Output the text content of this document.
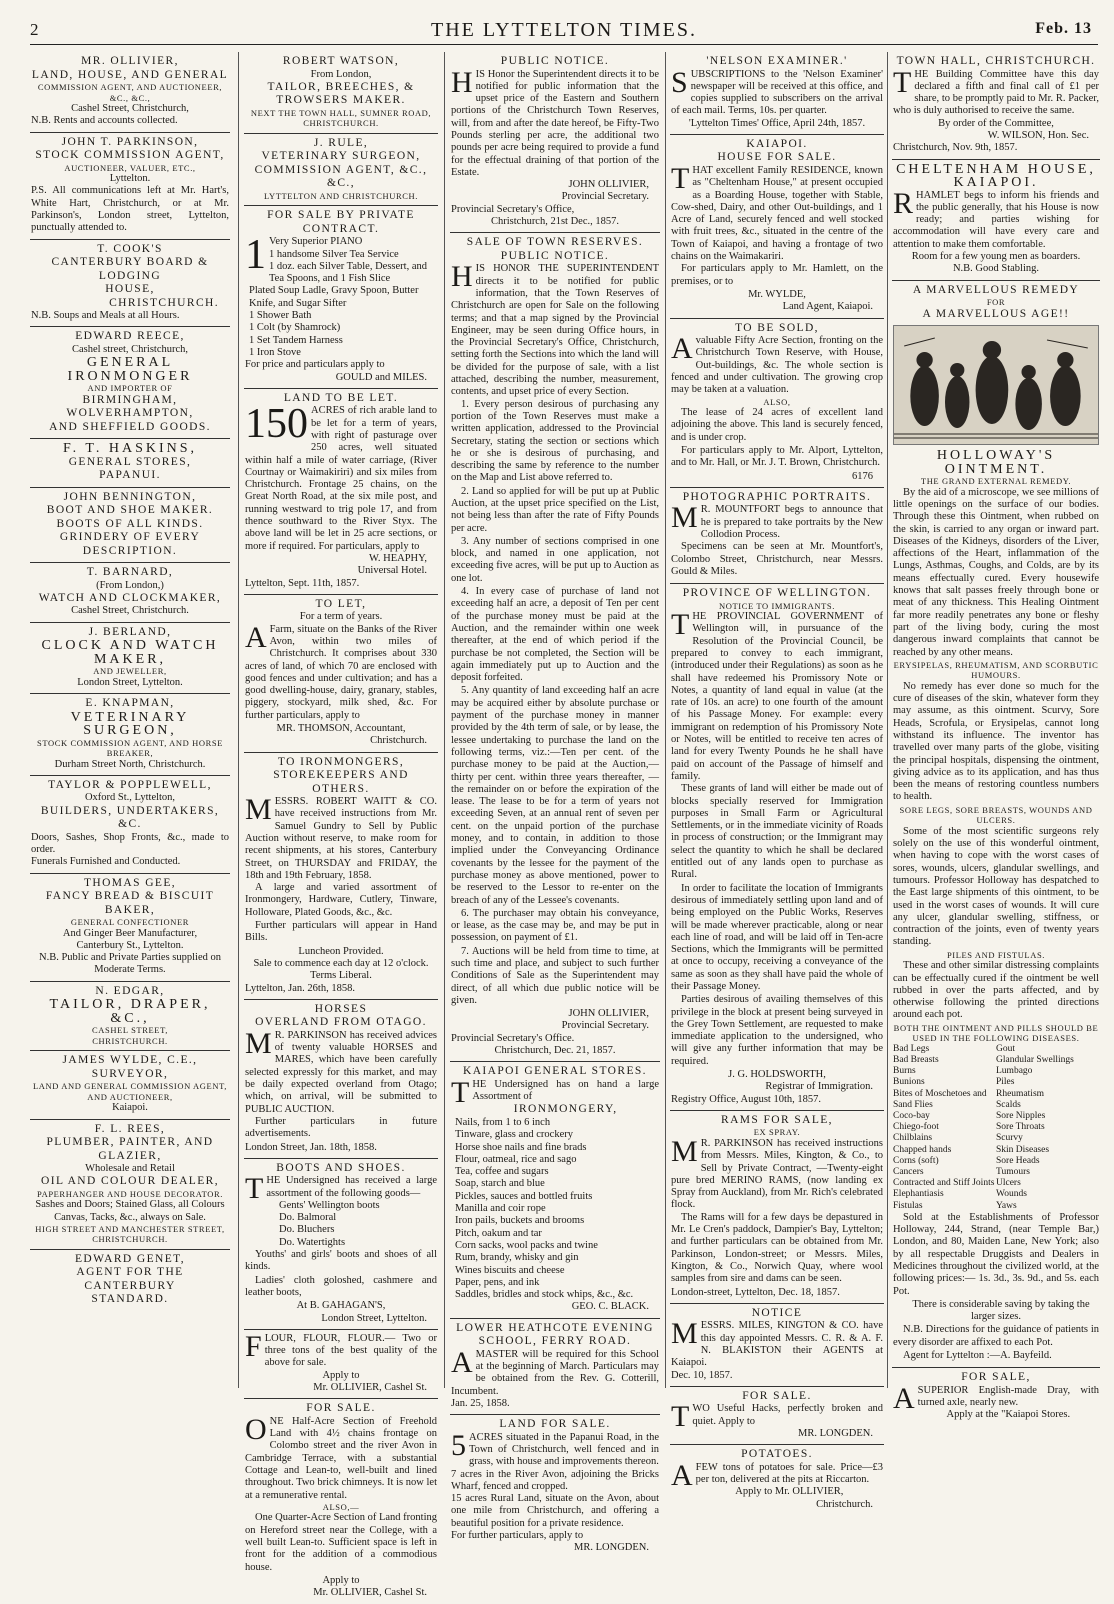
2	THE LYTTELTON TIMES.	Feb. 13
MR. OLLIVIER,
LAND, HOUSE, AND GENERAL
COMMISSION AGENT, AND AUCTIONEER, &C., &C.,
Cashel Street, Christchurch,
N.B. Rents and accounts collected.
JOHN T. PARKINSON,
STOCK COMMISSION AGENT,
AUCTIONEER, VALUER, ETC.,
Lyttelton.
P.S. All communications left at Mr. Hart's, White Hart, Christchurch, or at Mr. Parkinson's, London street, Lyttelton, punctually attended to.
T. COOK'S
CANTERBURY BOARD & LODGING
HOUSE,
CHRISTCHURCH.
N.B. Soups and Meals at all Hours.
EDWARD REECE,
Cashel street, Christchurch,
GENERAL IRONMONGER
AND IMPORTER OF
BIRMINGHAM, WOLVERHAMPTON,
AND SHEFFIELD GOODS.
F. T. HASKINS,
GENERAL STORES,
PAPANUI.
JOHN BENNINGTON,
BOOT AND SHOE MAKER.
BOOTS OF ALL KINDS.
GRINDERY OF EVERY DESCRIPTION.
T. BARNARD,
(From London,)
WATCH AND CLOCKMAKER,
Cashel Street, Christchurch.
J. BERLAND,
CLOCK AND WATCH MAKER,
AND JEWELLER,
London Street, Lyttelton.
E. KNAPMAN,
VETERINARY SURGEON,
STOCK COMMISSION AGENT, AND HORSE BREAKER,
Durham Street North, Christchurch.
TAYLOR & POPPLEWELL,
Oxford St., Lyttelton,
BUILDERS, UNDERTAKERS, &C.
Doors, Sashes, Shop Fronts, &c., made to order.
Funerals Furnished and Conducted.
THOMAS GEE,
FANCY BREAD & BISCUIT BAKER,
GENERAL CONFECTIONER
And Ginger Beer Manufacturer,
Canterbury St., Lyttelton.
N.B. Public and Private Parties supplied on Moderate Terms.
N. EDGAR,
TAILOR, DRAPER, &C.,
CASHEL STREET,
CHRISTCHURCH.
JAMES WYLDE, C.E.,
SURVEYOR,
LAND AND GENERAL COMMISSION AGENT, AND AUCTIONEER,
Kaiapoi.
F. L. REES,
PLUMBER, PAINTER, AND GLAZIER,
Wholesale and Retail
OIL AND COLOUR DEALER,
PAPERHANGER AND HOUSE DECORATOR.
Sashes and Doors; Stained Glass, all Colours Canvas, Tacks, &c., always on Sale.
HIGH STREET AND MANCHESTER STREET, CHRISTCHURCH.
EDWARD GENET,
AGENT FOR THE CANTERBURY
STANDARD.
ROBERT WATSON,
From London,
TAILOR, BREECHES, & TROWSERS MAKER.
NEXT THE TOWN HALL, SUMNER ROAD, CHRISTCHURCH.
J. RULE,
VETERINARY SURGEON, COMMISSION AGENT, &C., &C.,
LYTTELTON AND CHRISTCHURCH.
FOR SALE BY PRIVATE CONTRACT.
1 Very Superior PIANO
1 handsome Silver Tea Service
1 doz. each Silver Table, Dessert, and Tea Spoons, and 1 Fish Slice
Plated Soup Ladle, Gravy Spoon, Butter Knife, and Sugar Sifter
1 Shower Bath
1 Colt (by Shamrock)
1 Set Tandem Harness
1 Iron Stove
For price and particulars apply to
GOULD and MILES.
LAND TO BE LET.
150 ACRES of rich arable land to be let for a term of years, with right of pasturage over 250 acres, well situated within half a mile of water carriage, (River Courtnay or Waimakiriri) and six miles from Christchurch. Frontage 25 chains, on the Great North Road, at the six mile post, and running westward to trig pole 17, and from thence southward to the River Styx. The above land will be let in 25 acre sections, or more if required. For particulars, apply to
W. HEAPHY,
Universal Hotel.
Lyttelton, Sept. 11th, 1857.
TO LET,
For a term of years.
A Farm, situate on the Banks of the River Avon, within two miles of Christchurch. It comprises about 330 acres of land, of which 70 are enclosed with good fences and under cultivation; and has a good dwelling-house, dairy, granary, stables, piggery, stockyard, milk shed, &c. For further particulars, apply to
MR. THOMSON, Accountant,
Christchurch.
TO IRONMONGERS, STOREKEEPERS AND OTHERS.
MESSRS. ROBERT WAITT & CO. have received instructions from Mr. Samuel Gundry to Sell by Public Auction without reserve, to make room for recent shipments, at his stores, Canterbury Street, on THURSDAY and FRIDAY, the 18th and 19th February, 1858.

A large and varied assortment of Ironmongery, Hardware, Cutlery, Tinware, Holloware, Plated Goods, &c., &c.

Further particulars will appear in Hand Bills.

Luncheon Provided.
Sale to commence each day at 12 o'clock.
Terms Liberal.
Lyttelton, Jan. 26th, 1858.
HORSES
OVERLAND FROM OTAGO.
M R. PARKINSON has received advices of twenty valuable HORSES and MARES, which have been carefully selected expressly for this market, and may be daily expected overland from Otago; which, on arrival, will be submitted to PUBLIC AUCTION.

Further particulars in future advertisements.

London Street, Jan. 18th, 1858.
BOOTS AND SHOES.
THE Undersigned has received a large assortment of the following goods—
Gents' Wellington boots
Do. Balmoral
Do. Bluchers
Do. Watertights

Youths' and girls' boots and shoes of all kinds.

Ladies' cloth goloshed, cashmere and leather boots,

At B. GAHAGAN'S,
London Street, Lyttelton.
FLOUR, FLOUR, FLOUR.— Two or three tons of the best quality of the above for sale.
Apply to
Mr. OLLIVIER, Cashel St.
FOR SALE.
ONE Half-Acre Section of Freehold Land with 4½ chains frontage on Colombo street and the river Avon in Cambridge Terrace, with a substantial Cottage and Lean-to, well-built and lined throughout. Two brick chimneys. It is now let at a remunerative rental.
ALSO,—

One Quarter-Acre Section of Land fronting on Hereford street near the College, with a well built Lean-to. Sufficient space is left in front for the addition of a commodious house.

Apply to
Mr. OLLIVIER, Cashel St.
PUBLIC NOTICE.
HIS Honor the Superintendent directs it to be notified for public information that the upset price of the Eastern and Southern portions of the Christchurch Town Reserves, will, from and after the date hereof, be Fifty-Two Pounds sterling per acre, the additional two pounds per acre being required to provide a fund for the effectual draining of that portion of the Estate.
JOHN OLLIVIER,
Provincial Secretary.
Provincial Secretary's Office,
Christchurch, 21st Dec., 1857.
SALE OF TOWN RESERVES.
PUBLIC NOTICE.
HIS HONOR THE SUPERINTENDENT directs it to be notified for public information, that the Town Reserves of Christchurch are open for Sale on the following terms; and that a map signed by the Provincial Engineer, may be seen during Office hours, in the Provincial Secretary's Office, Christchurch, setting forth the Sections into which the land will be divided for the purpose of sale, with a list attached, describing the number, measurement, contents, and upset price of every Section.

1. Every person desirous of purchasing any portion of the Town Reserves must make a written application, addressed to the Provincial Secretary, stating the section or sections which he or she is desirous of purchasing, and describing the same by reference to the number on the Map and List above referred to.

2. Land so applied for will be put up at Public Auction, at the upset price specified on the List, not being less than after the rate of Fifty Pounds per acre.

3. Any number of sections comprised in one block, and named in one application, not exceeding five acres, will be put up to Auction as one lot.

4. In every case of purchase of land not exceeding half an acre, a deposit of Ten per cent of the purchase money must be paid at the Auction, and the remainder within one week thereafter, at the end of which period if the purchase be not completed, the Section will be again immediately put up to Auction and the deposit forfeited.

5. Any quantity of land exceeding half an acre may be acquired either by absolute purchase or payment of the purchase money in manner provided by the 4th term of sale, or by lease, the lessee undertaking to purchase the land on the following terms, viz.:—Ten per cent. of the purchase money to be paid at the Auction,—thirty per cent. within three years thereafter, —the remainder on or before the expiration of the lease. The lease to be for a term of years not exceeding Seven, at an annual rent of seven per cent. on the unpaid portion of the purchase money, and to contain, in addition to those implied under the Conveyancing Ordinance covenants by the lessee for the payment of the purchase money as above mentioned, power to be reserved to the Lessor to re-enter on the breach of any of the Lessee's covenants.

6. The purchaser may obtain his conveyance, or lease, as the case may be, and may be put in possession, on payment of £1.

7. Auctions will be held from time to time, at such time and place, and subject to such further Conditions of Sale as the Superintendent may direct, of all which due public notice will be given.

JOHN OLLIVIER,
Provincial Secretary.
Provincial Secretary's Office.
Christchurch, Dec. 21, 1857.
KAIAPOI GENERAL STORES.
THE Undersigned has on hand a large Assortment of
IRONMONGERY,
Nails, from 1 to 6 inch
Tinware, glass and crockery
Horse shoe nails and fine brads
Flour, oatmeal, rice and sago
Tea, coffee and sugars
Soap, starch and blue
Pickles, sauces and bottled fruits
Manilla and coir rope
Iron pails, buckets and brooms
Pitch, oakum and tar
Corn sacks, wool packs and twine
Rum, brandy, whisky and gin
Wines biscuits and cheese
Paper, pens, and ink
Saddles, bridles and stock whips, &c., &c.
GEO. C. BLACK.
LOWER HEATHCOTE EVENING
SCHOOL, FERRY ROAD.
AMASTER will be required for this School at the beginning of March. Particulars may be obtained from the Rev. G. Cotterill, Incumbent.
Jan. 25, 1858.
LAND FOR SALE.
5 ACRES situated in the Papanui Road, in the Town of Christchurch, well fenced and in grass, with house and improvements thereon.
7 acres in the River Avon, adjoining the Bricks Wharf, fenced and cropped.
15 acres Rural Land, situate on the Avon, about one mile from Christchurch, and offering a beautiful position for a private residence.
For further particulars, apply to
MR. LONGDEN.
'NELSON EXAMINER.'
SUBSCRIPTIONS to the 'Nelson Examiner' newspaper will be received at this office, and copies supplied to subscribers on the arrival of each mail. Terms, 10s. per quarter.
'Lyttelton Times' Office, April 24th, 1857.
KAIAPOI.
HOUSE FOR SALE.
THAT excellent Family RESIDENCE, known as "Cheltenham House," at present occupied as a Boarding House, together with Stable, Cow-shed, Dairy, and other Out-buildings, and 1 Acre of Land, securely fenced and well stocked with fruit trees, &c., situated in the centre of the Town of Kaiapoi, and having a frontage of two chains on the Waimakariri.

For particulars apply to Mr. Hamlett, on the premises, or to

Mr. WYLDE,
Land Agent, Kaiapoi.
TO BE SOLD,
Avaluable Fifty Acre Section, fronting on the Christchurch Town Reserve, with House, Out-buildings, &c. The whole section is fenced and under cultivation. The growing crop may be taken at a valuation.
ALSO,

The lease of 24 acres of excellent land adjoining the above. This land is securely fenced, and is under crop.

For particulars apply to Mr. Alport, Lyttelton, and to Mr. Hall, or Mr. J. T. Brown, Christchurch.

6176
PHOTOGRAPHIC PORTRAITS.
M R. MOUNTFORT begs to announce that he is prepared to take portraits by the New Collodion Process.

Specimens can be seen at Mr. Mountfort's, Colombo Street, Christchurch, near Messrs. Gould & Miles.

PROVINCE OF WELLINGTON.
NOTICE TO IMMIGRANTS.
THE PROVINCIAL GOVERNMENT of Wellington will, in pursuance of the Resolution of the Provincial Council, be prepared to convey to each immigrant, (introduced under their Regulations) as soon as he shall have redeemed his Promissory Note or Notes, a quantity of land equal in value (at the rate of 10s. an acre) to one fourth of the amount of his Passage Money. For example: every immigrant on redemption of his Promissory Note or Notes, will be entitled to receive ten acres of land for every Twenty Pounds he he shall have paid on account of the Passage of himself and family.

These grants of land will either be made out of blocks specially reserved for Immigration purposes in Small Farm or Agricultural Settlements, or in the immediate vicinity of Roads in process of construction; or the Immigrant may select the quantity to which he shall be declared entitled out of any lands open to purchase as Rural.

In order to facilitate the location of Immigrants desirous of immediately settling upon land and of being employed on the Public Works, Reserves will be made wherever practicable, along or near each line of road, and will be laid off in Ten-acre Sections, which the Immigrants will be permitted at once to occupy, receiving a conveyance of the same as soon as they shall have paid the whole of their Passage Money.

Parties desirous of availing themselves of this privilege in the block at present being surveyed in the Grey Town Settlement, are requested to make immediate application to the undersigned, who will give any further information that may be required.

J. G. HOLDSWORTH,
Registrar of Immigration.
Registry Office, August 10th, 1857.
RAMS FOR SALE,
EX SPRAY.
M R. PARKINSON has received instructions from Messrs. Miles, Kington, & Co., to Sell by Private Contract, —Twenty-eight pure bred MERINO RAMS, (now landing ex Spray from Auckland), from Mr. Rich's celebrated flock.

The Rams will for a few days be depastured in Mr. Le Cren's paddock, Dampier's Bay, Lyttelton; and further particulars can be obtained from Mr. Parkinson, London-street; or Messrs. Miles, Kington, & Co., Norwich Quay, where wool samples from sire and dams can be seen.

London-street, Lyttelton, Dec. 18, 1857.
NOTICE
MESSRS. MILES, KINGTON & CO. have this day appointed Messrs. C. R. & A. F. N. BLAKISTON their AGENTS at Kaiapoi.
Dec. 10, 1857.
FOR SALE.
TWO Useful Hacks, perfectly broken and quiet. Apply to
MR. LONGDEN.
POTATOES.
AFEW tons of potatoes for sale. Price—£3 per ton, delivered at the pits at Riccarton.
Apply to Mr. OLLIVIER,
Christchurch.
TOWN HALL, CHRISTCHURCH.
THE Building Committee have this day declared a fifth and final call of £1 per share, to be promptly paid to Mr. R. Packer, who is duly authorised to receive the same.
By order of the Committee,
W. WILSON, Hon. Sec.
Christchurch, Nov. 9th, 1857.
CHELTENHAM HOUSE,
KAIAPOI.
RHAMLET begs to inform his friends and the public generally, that his House is now ready; and parties wishing for accommodation will have every care and attention to make them comfortable.
Room for a few young men as boarders.
N.B. Good Stabling.
A MARVELLOUS REMEDY
FOR
A MARVELLOUS AGE!!
HOLLOWAY'S OINTMENT.
THE GRAND EXTERNAL REMEDY.

By the aid of a microscope, we see millions of little openings on the surface of our bodies. Through these this Ointment, when rubbed on the skin, is carried to any organ or inward part. Diseases of the Kidneys, disorders of the Liver, affections of the Heart, inflammation of the Lungs, Asthmas, Coughs, and Colds, are by its means effectually cured. Every housewife knows that salt passes freely through bone or meat of any thickness. This Healing Ointment far more readily penetrates any bone or fleshy part of the living body, curing the most dangerous inward complaints that cannot be reached by any other means.

ERYSIPELAS, RHEUMATISM, AND SCORBUTIC HUMOURS.

No remedy has ever done so much for the cure of diseases of the skin, whatever form they may assume, as this ointment. Scurvy, Sore Heads, Scrofula, or Erysipelas, cannot long withstand its influence. The inventor has travelled over many parts of the globe, visiting the principal hospitals, dispensing the ointment, giving advice as to its application, and has thus been the means of restoring countless numbers to health.

SORE LEGS, SORE BREASTS, WOUNDS AND ULCERS.

Some of the most scientific surgeons rely solely on the use of this wonderful ointment, when having to cope with the worst cases of sores, wounds, ulcers, glandular swellings, and tumours. Professor Holloway has despatched to the East large shipments of this ointment, to be used in the worst cases of wounds. It will cure any ulcer, glandular swelling, stiffness, or contraction of the joints, even of twenty years standing.

PILES AND FISTULAS.

These and other similar distressing complaints can be effectually cured if the ointment be well rubbed in over the parts affected, and by otherwise following the printed directions around each pot.

BOTH THE OINTMENT AND PILLS SHOULD BE USED IN THE FOLLOWING DISEASES.
Bad Legs
Bad Breasts
Burns
Bunions
Bites of Moschetoes and Sand Flies
Coco-bay
Chiego-foot
Chilblains
Chapped hands
Corns (soft)
Cancers
Contracted and Stiff Joints
Elephantiasis
Fistulas
Gout
Glandular Swellings
Lumbago
Piles
Rheumatism
Scalds
Sore Nipples
Sore Throats
Scurvy
Skin Diseases
Sore Heads
Tumours
Ulcers
Wounds
Yaws

Sold at the Establishments of Professor Holloway, 244, Strand, (near Temple Bar,) London, and 80, Maiden Lane, New York; also by all respectable Druggists and Dealers in Medicines throughout the civilized world, at the following prices:— 1s. 3d., 3s. 9d., and 5s. each Pot.

There is considerable saving by taking the larger sizes.

N.B. Directions for the guidance of patients in every disorder are affixed to each Pot.

Agent for Lyttelton :—A. Bayfeild.

FOR SALE,
ASUPERIOR English-made Dray, with turned axle, nearly new.
Apply at the "Kaiapoi Stores.
